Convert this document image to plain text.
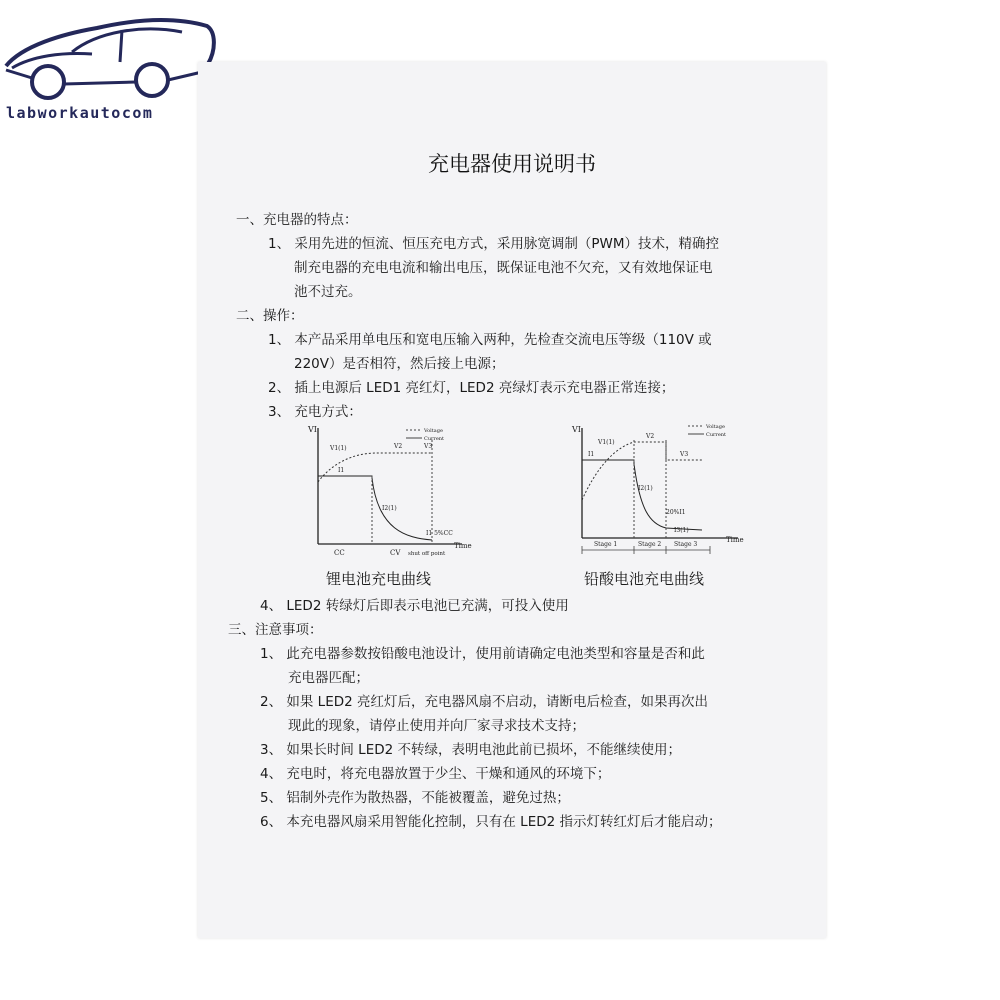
labworkautocom
充电器使用说明书
一、充电器的特点：
1、 采用先进的恒流、恒压充电方式，采用脉宽调制（PWM）技术，精确控
制充电器的充电电流和输出电压，既保证电池不欠充，又有效地保证电
池不过充。
二、操作：
1、 本产品采用单电压和宽电压输入两种，先检查交流电压等级（110V 或
220V）是否相符，然后接上电源；
2、 插上电源后 LED1 亮红灯，LED2 亮绿灯表示充电器正常连接；
3、 充电方式：
VI
Time
Voltage
Current
V1(1)	V2	V3
I1
I2(1)
I1 5%CC
CC	CV shut off point
锂电池充电曲线
VI
Time
Voltage
Current
V1(1)
V2
V3
I1
I2(1)
20%I1
I3(1)
Stage 1	Stage 2 Stage 3
铅酸电池充电曲线
4、 LED2 转绿灯后即表示电池已充满，可投入使用
三、注意事项：
1、 此充电器参数按铅酸电池设计，使用前请确定电池类型和容量是否和此
充电器匹配；
2、 如果 LED2 亮红灯后，充电器风扇不启动，请断电后检查，如果再次出
现此的现象，请停止使用并向厂家寻求技术支持；
3、 如果长时间 LED2 不转绿，表明电池此前已损坏，不能继续使用；
4、 充电时，将充电器放置于少尘、干燥和通风的环境下；
5、 铝制外壳作为散热器，不能被覆盖，避免过热；
6、 本充电器风扇采用智能化控制，只有在 LED2 指示灯转红灯后才能启动；
